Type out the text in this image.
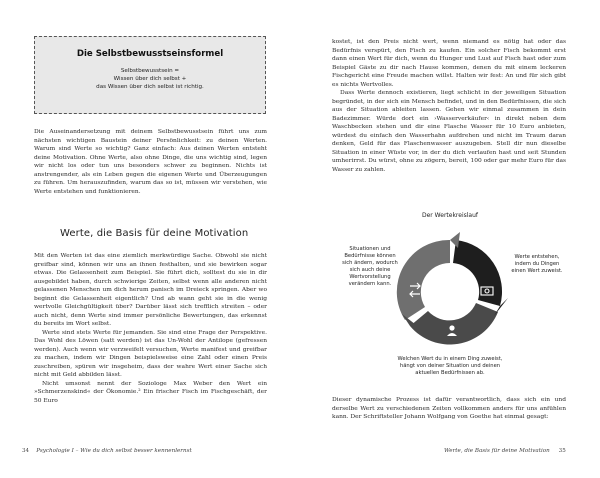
Die Selbstbewusstseinsformel
Selbstbewusstsein =
Wissen über dich selbst +
das Wissen über dich selbst ist richtig.

Die Auseinandersetzung mit deinem Selbstbewusstsein führt uns zum nächsten wichtigen Baustein deiner Persönlichkeit: zu deinen Werten. Warum sind Werte so wichtig? Ganz einfach: Aus deinen Werten entsteht deine Motivation. Ohne Werte, also ohne Dinge, die uns wichtig sind, legen wir nicht los oder tun uns besonders schwer zu beginnen. Nichts ist anstrengender, als ein Leben gegen die eigenen Werte und Überzeugungen zu führen. Um herauszufinden, warum das so ist, müssen wir verstehen, wie Werte entstehen und funktionieren.

Werte, die Basis für deine Motivation

Mit den Werten ist das eine ziemlich merkwürdige Sache. Obwohl sie nicht greifbar sind, können wir uns an ihnen festhalten, und sie bewirken sogar etwas. Die Gelassenheit zum Beispiel. Sie führt dich, solltest du sie in dir ausgebildet haben, durch schwierige Zeiten, selbst wenn alle anderen nicht gelassenen Menschen um dich herum panisch im Dreieck springen. Aber wo beginnt die Gelassenheit eigentlich? Und ab wann geht sie in die wenig wertvolle Gleichgültigkeit über? Darüber lässt sich trefflich streiten – oder auch nicht, denn Werte sind immer persönliche Bewertungen, das erkennst du bereits im Wort selbst.

Werte sind stets Werte für jemanden. Sie sind eine Frage der Perspektive. Das Wohl des Löwen (satt werden) ist das Un-Wohl der Antilope (gefressen werden). Auch wenn wir verzweifelt versuchen, Werte manifest und greifbar zu machen, indem wir Dingen beispielsweise eine Zahl oder einen Preis zuschreiben, spüren wir insgeheim, dass der wahre Wert einer Sache sich nicht mit Geld abbilden lässt.

Nicht umsonst nennt der Soziologe Max Weber den Wert ein »Schmerzenskind« der Ökonomie.² Ein frischer Fisch im Fischgeschäft, der 50 Euro

34 Psychologie I – Wie du dich selbst besser kennenlernst

kostet, ist den Preis nicht wert, wenn niemand es nötig hat oder das Bedürfnis verspürt, den Fisch zu kaufen. Ein solcher Fisch bekommt erst dann einen Wert für dich, wenn du Hunger und Lust auf Fisch hast oder zum Beispiel Gäste zu dir nach Hause kommen, denen du mit einem leckeren Fischgericht eine Freude machen willst. Halten wir fest: An und für sich gibt es nichts Wertvolles.

Dass Werte dennoch existieren, liegt schlicht in der jeweiligen Situation begründet, in der sich ein Mensch befindet, und in den Bedürfnissen, die sich aus der Situation ableiten lassen. Gehen wir einmal zusammen in dein Badezimmer. Würde dort ein ›Wasserverkäufer‹ in direkt neben dem Waschbecken stehen und dir eine Flasche Wasser für 10 Euro anbieten, würdest du einfach den Wasserhahn aufdrehen und nicht im Traum daran denken, Geld für das Flaschenwasser auszugeben. Stell dir nun dieselbe Situation in einer Wüste vor, in der du dich verlaufen hast und seit Stunden umherirrst. Du würst, ohne zu zögern, bereit, 100 oder gar mehr Euro für das Wasser zu zahlen.

Der Wertekreislauf
Situationen und Bedürfnisse können sich ändern, wodurch sich auch deine Wertvorstellung verändern kann.
Werte entstehen, indem du Dingen einen Wert zuweist.
Welchen Wert du in einem Ding zuweist, hängt von deiner Situation und deinen aktuellen Bedürfnissen ab.

Dieser dynamische Prozess ist dafür verantwortlich, dass sich ein und derselbe Wert zu verschiedenen Zeiten vollkommen anders für uns anfühlen kann. Der Schriftsteller Johann Wolfgang von Goethe hat einmal gesagt:

Werte, die Basis für deine Motivation 35
